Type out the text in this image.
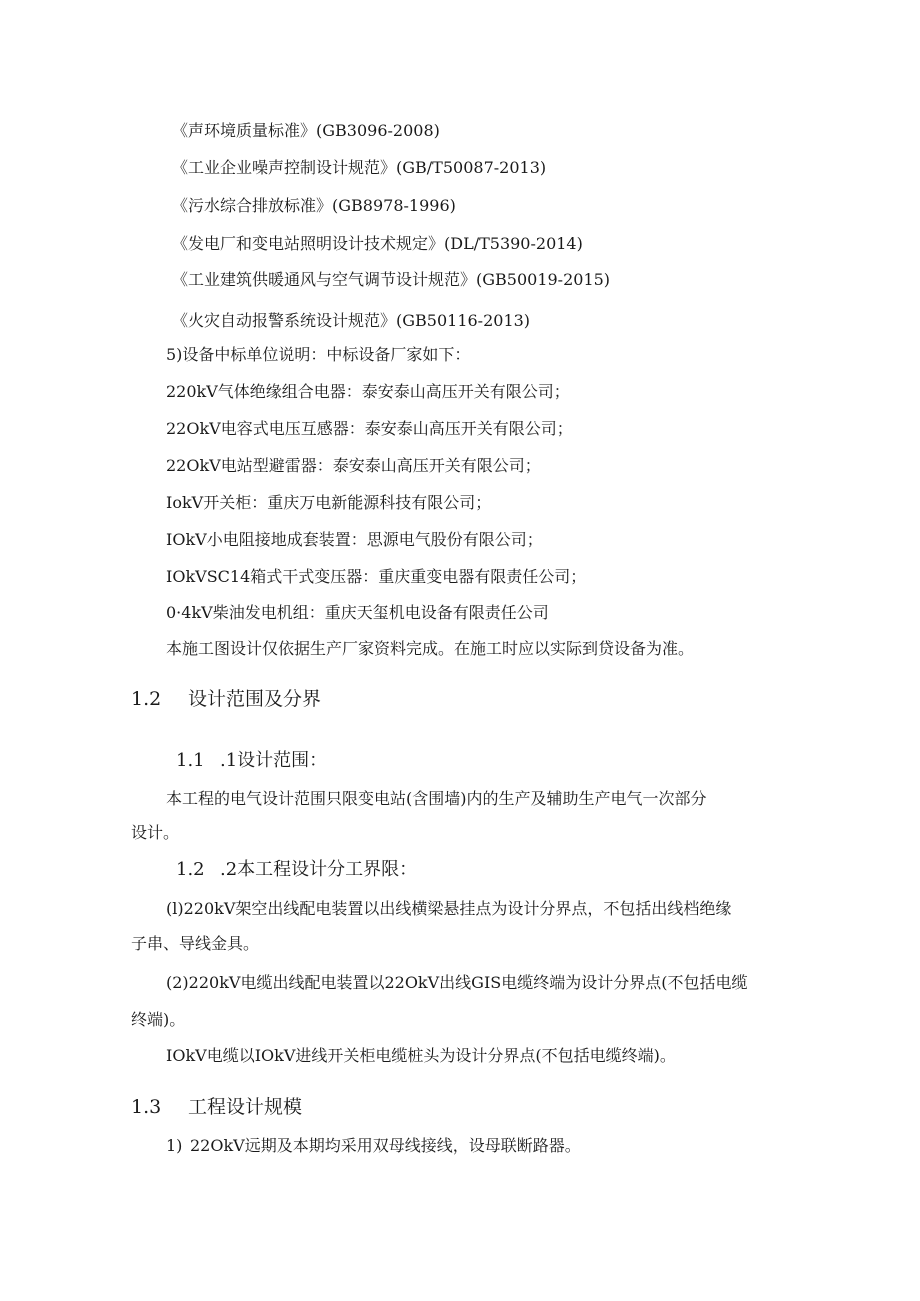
《声环境质量标准》(GB3096-2008)
《工业企业噪声控制设计规范》(GB/T50087-2013)
《污水综合排放标准》(GB8978-1996)
《发电厂和变电站照明设计技术规定》(DL/T5390-2014)
《工业建筑供暖通风与空气调节设计规范》(GB50019-2015)
《火灾自动报警系统设计规范》(GB50116-2013)
5)设备中标单位说明：中标设备厂家如下：
220kV气体绝缘组合电器：泰安泰山高压开关有限公司；
22OkV电容式电压互感器：泰安泰山高压开关有限公司；
22OkV电站型避雷器：泰安泰山高压开关有限公司；
IokV开关柜：重庆万电新能源科技有限公司；
IOkV小电阻接地成套装置：思源电气股份有限公司；
IOkVSC14箱式干式变压器：重庆重变电器有限责任公司；
0·4kV柴油发电机组：重庆天玺机电设备有限责任公司
本施工图设计仅依据生产厂家资料完成。在施工时应以实际到贷设备为准。
1.2 设计范围及分界
1.1 .1设计范围：
本工程的电气设计范围只限变电站(含围墙)内的生产及辅助生产电气一次部分
设计。
1.2 .2本工程设计分工界限：
(l)220kV架空出线配电装置以出线横梁悬挂点为设计分界点，不包括出线档绝缘
子串、导线金具。
(2)220kV电缆出线配电装置以22OkV出线GIS电缆终端为设计分界点(不包括电缆
终端)。
IOkV电缆以IOkV进线开关柜电缆桩头为设计分界点(不包括电缆终端)。
1.3 工程设计规模
1) 22OkV远期及本期均采用双母线接线，设母联断路器。
